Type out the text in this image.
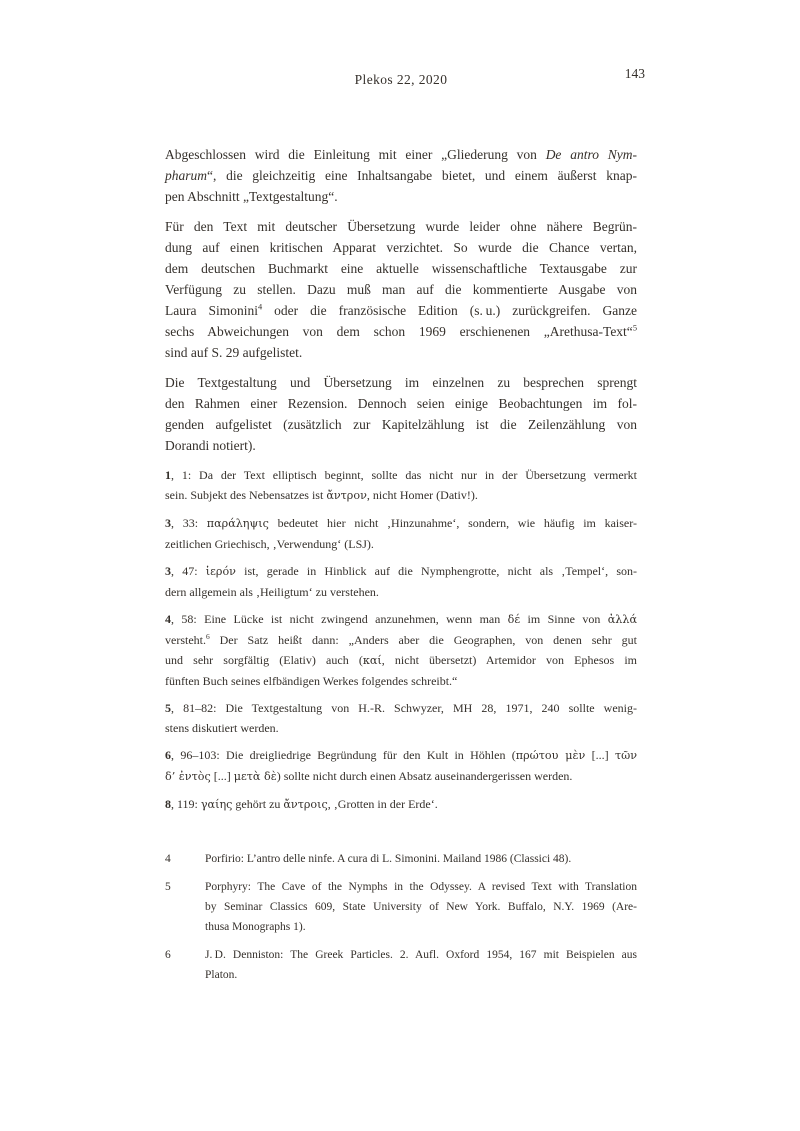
Plekos 22, 2020	143
Abgeschlossen wird die Einleitung mit einer „Gliederung von De antro Nym-
pharum“, die gleichzeitig eine Inhaltsangabe bietet, und einem äußerst knap-
pen Abschnitt „Textgestaltung“.
Für den Text mit deutscher Übersetzung wurde leider ohne nähere Begrün-
dung auf einen kritischen Apparat verzichtet. So wurde die Chance vertan,
dem deutschen Buchmarkt eine aktuelle wissenschaftliche Textausgabe zur
Verfügung zu stellen. Dazu muß man auf die kommentierte Ausgabe von
Laura Simonini$^4$ oder die französische Edition (s. u.) zurückgreifen. Ganze
sechs Abweichungen von dem schon 1969 erschienenen „Arethusa-Text“$^5$
sind auf S. 29 aufgelistet.
Die Textgestaltung und Übersetzung im einzelnen zu besprechen sprengt
den Rahmen einer Rezension. Dennoch seien einige Beobachtungen im fol-
genden aufgelistet (zusätzlich zur Kapitelzählung ist die Zeilenzählung von
Dorandi notiert).
1, 1: Da der Text elliptisch beginnt, sollte das nicht nur in der Übersetzung vermerkt
sein. Subjekt des Nebensatzes ist ἄντρον, nicht Homer (Dativ!).
3, 33: παράληψις bedeutet hier nicht ‚Hinzunahme‘, sondern, wie häufig im kaiser-
zeitlichen Griechisch, ‚Verwendung‘ (LSJ).
3, 47: ἱερόν ist, gerade in Hinblick auf die Nymphengrotte, nicht als ‚Tempel‘, son-
dern allgemein als ‚Heiligtum‘ zu verstehen.
4, 58: Eine Lücke ist nicht zwingend anzunehmen, wenn man δέ im Sinne von ἀλλά
versteht.$^6$ Der Satz heißt dann: „Anders aber die Geographen, von denen sehr gut
und sehr sorgfältig (Elativ) auch (καί, nicht übersetzt) Artemidor von Ephesos im
fünften Buch seines elfbändigen Werkes folgendes schreibt.“
5, 81–82: Die Textgestaltung von H.-R. Schwyzer, MH 28, 1971, 240 sollte wenig-
stens diskutiert werden.
6, 96–103: Die dreigliedrige Begründung für den Kult in Höhlen (πρώτου μὲν [...] τῶν
δ’ ἐντὸς [...] μετὰ δὲ) sollte nicht durch einen Absatz auseinandergerissen werden.
8, 119: γαίης gehört zu ἄντροις, ‚Grotten in der Erde‘.
4	Porfirio: L’antro delle ninfe. A cura di L. Simonini. Mailand 1986 (Classici 48).
5	Porphyry: The Cave of the Nymphs in the Odyssey. A revised Text with Translation
by Seminar Classics 609, State University of New York. Buffalo, N.Y. 1969 (Are-
thusa Monographs 1).
6	J. D. Denniston: The Greek Particles. 2. Aufl. Oxford 1954, 167 mit Beispielen aus
Platon.
